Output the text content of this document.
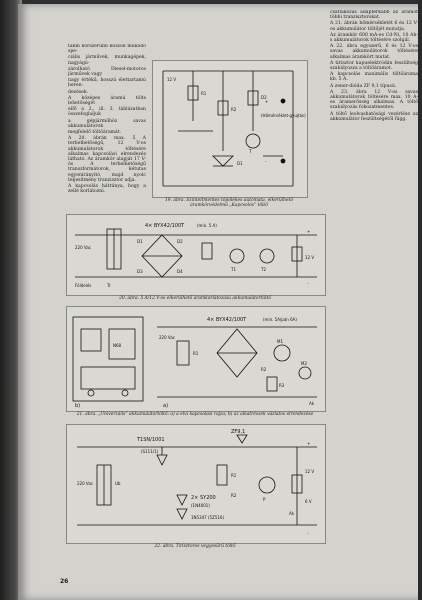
tanm korszerűbb köszön működő spe-

ciális járművek, munkagépek, nagyágú-

sárolható Diesel-motoros járművek vagy

nagy értékű, hosszú élettartamú beren-

dezések.

A középes áramú tölts lehetőségét

elfő a 2., ill. 3. táblázatban összefoglaljuk

a gépjárműhöz savas akkumulátorok

megfelelő töltőáramát.

A 20. ábrán max. 5 A terhelhetőségű, 12 V-os akkumulátorok töltésére alkalmas kapcsolási elrendezés látható. Az áramkör alapját 17 V-ös A terhelhetőségű transzformátorok, kétutas egyenirányító, majd nyolc teljesítmény tranzisztor adja.

A kapcsolás hátránya, hogy a zellé korlátozni.

+
-
(Hőmérséklet-gyujtás)
12 V
R1
R2
D1
D2
T
19. ábra. Szinteltmentes töpölékes automata, elkerülhető áramkörvédelmű „Kapcsolós” töltő
220 Vac
Tr
4× BYX42/100T	(min. 5 A)
D1	D2
D3	D4	T1	T2
12 V
+
-
Földelés
20. ábra. 5 A/12 V-os elkerülhető áramkorlátozású akkumulátortöltő
4× BYX42/100T	(min. 5A/pán 6A)
220 Vac
N68
R1
R2
R3
M1
M2
Ak
a)
b)
21. ábra. „Univerzális” akkumulátortöltő: a) a elvi kapcsolási rajza; b) az alkatrészek vázlatos elrendezése
ZF9,1
T1SN/1001
(S111/1)
2× SY200
(1N4001)
1N5347 (5Z516)
220 Vac	Ub
R1
R2
P
+
-
12 V
6 V
Ak
22. ábra. Tirisztoros vegyesűrű töltő

csatlakozás adapterkább az áramot többi tranzisztorokat.

A 21. ábrán hőmérsékletét 6 és 12 V-os akkumulátor töltőjét mutatja.

Az áramkör 600 mA-es Cd-Ni, 10 Ah-s akkumulátorok töltésére szolgál.

A 22. ábra egyszerű, 6 és 12 V-os savas akkumulátorok töltésére alkalmas áramkört mutat.

A tirisztor kapuelektródán feszültség szabályozza a töltőáramot.

A kapcsolás maximális töltőárama kb. 5 A.

A zener-dióda ZF 9,1 típusú.

A 23. ábra 12 V-os savas akkumulátorok töltésére max. 10 A-es áramerősség alkalmas. A töltő szabályozás fokozatmentes.

A töltő leolvashatósági vezérlése az akkumulátor feszültségétől függ.

26
